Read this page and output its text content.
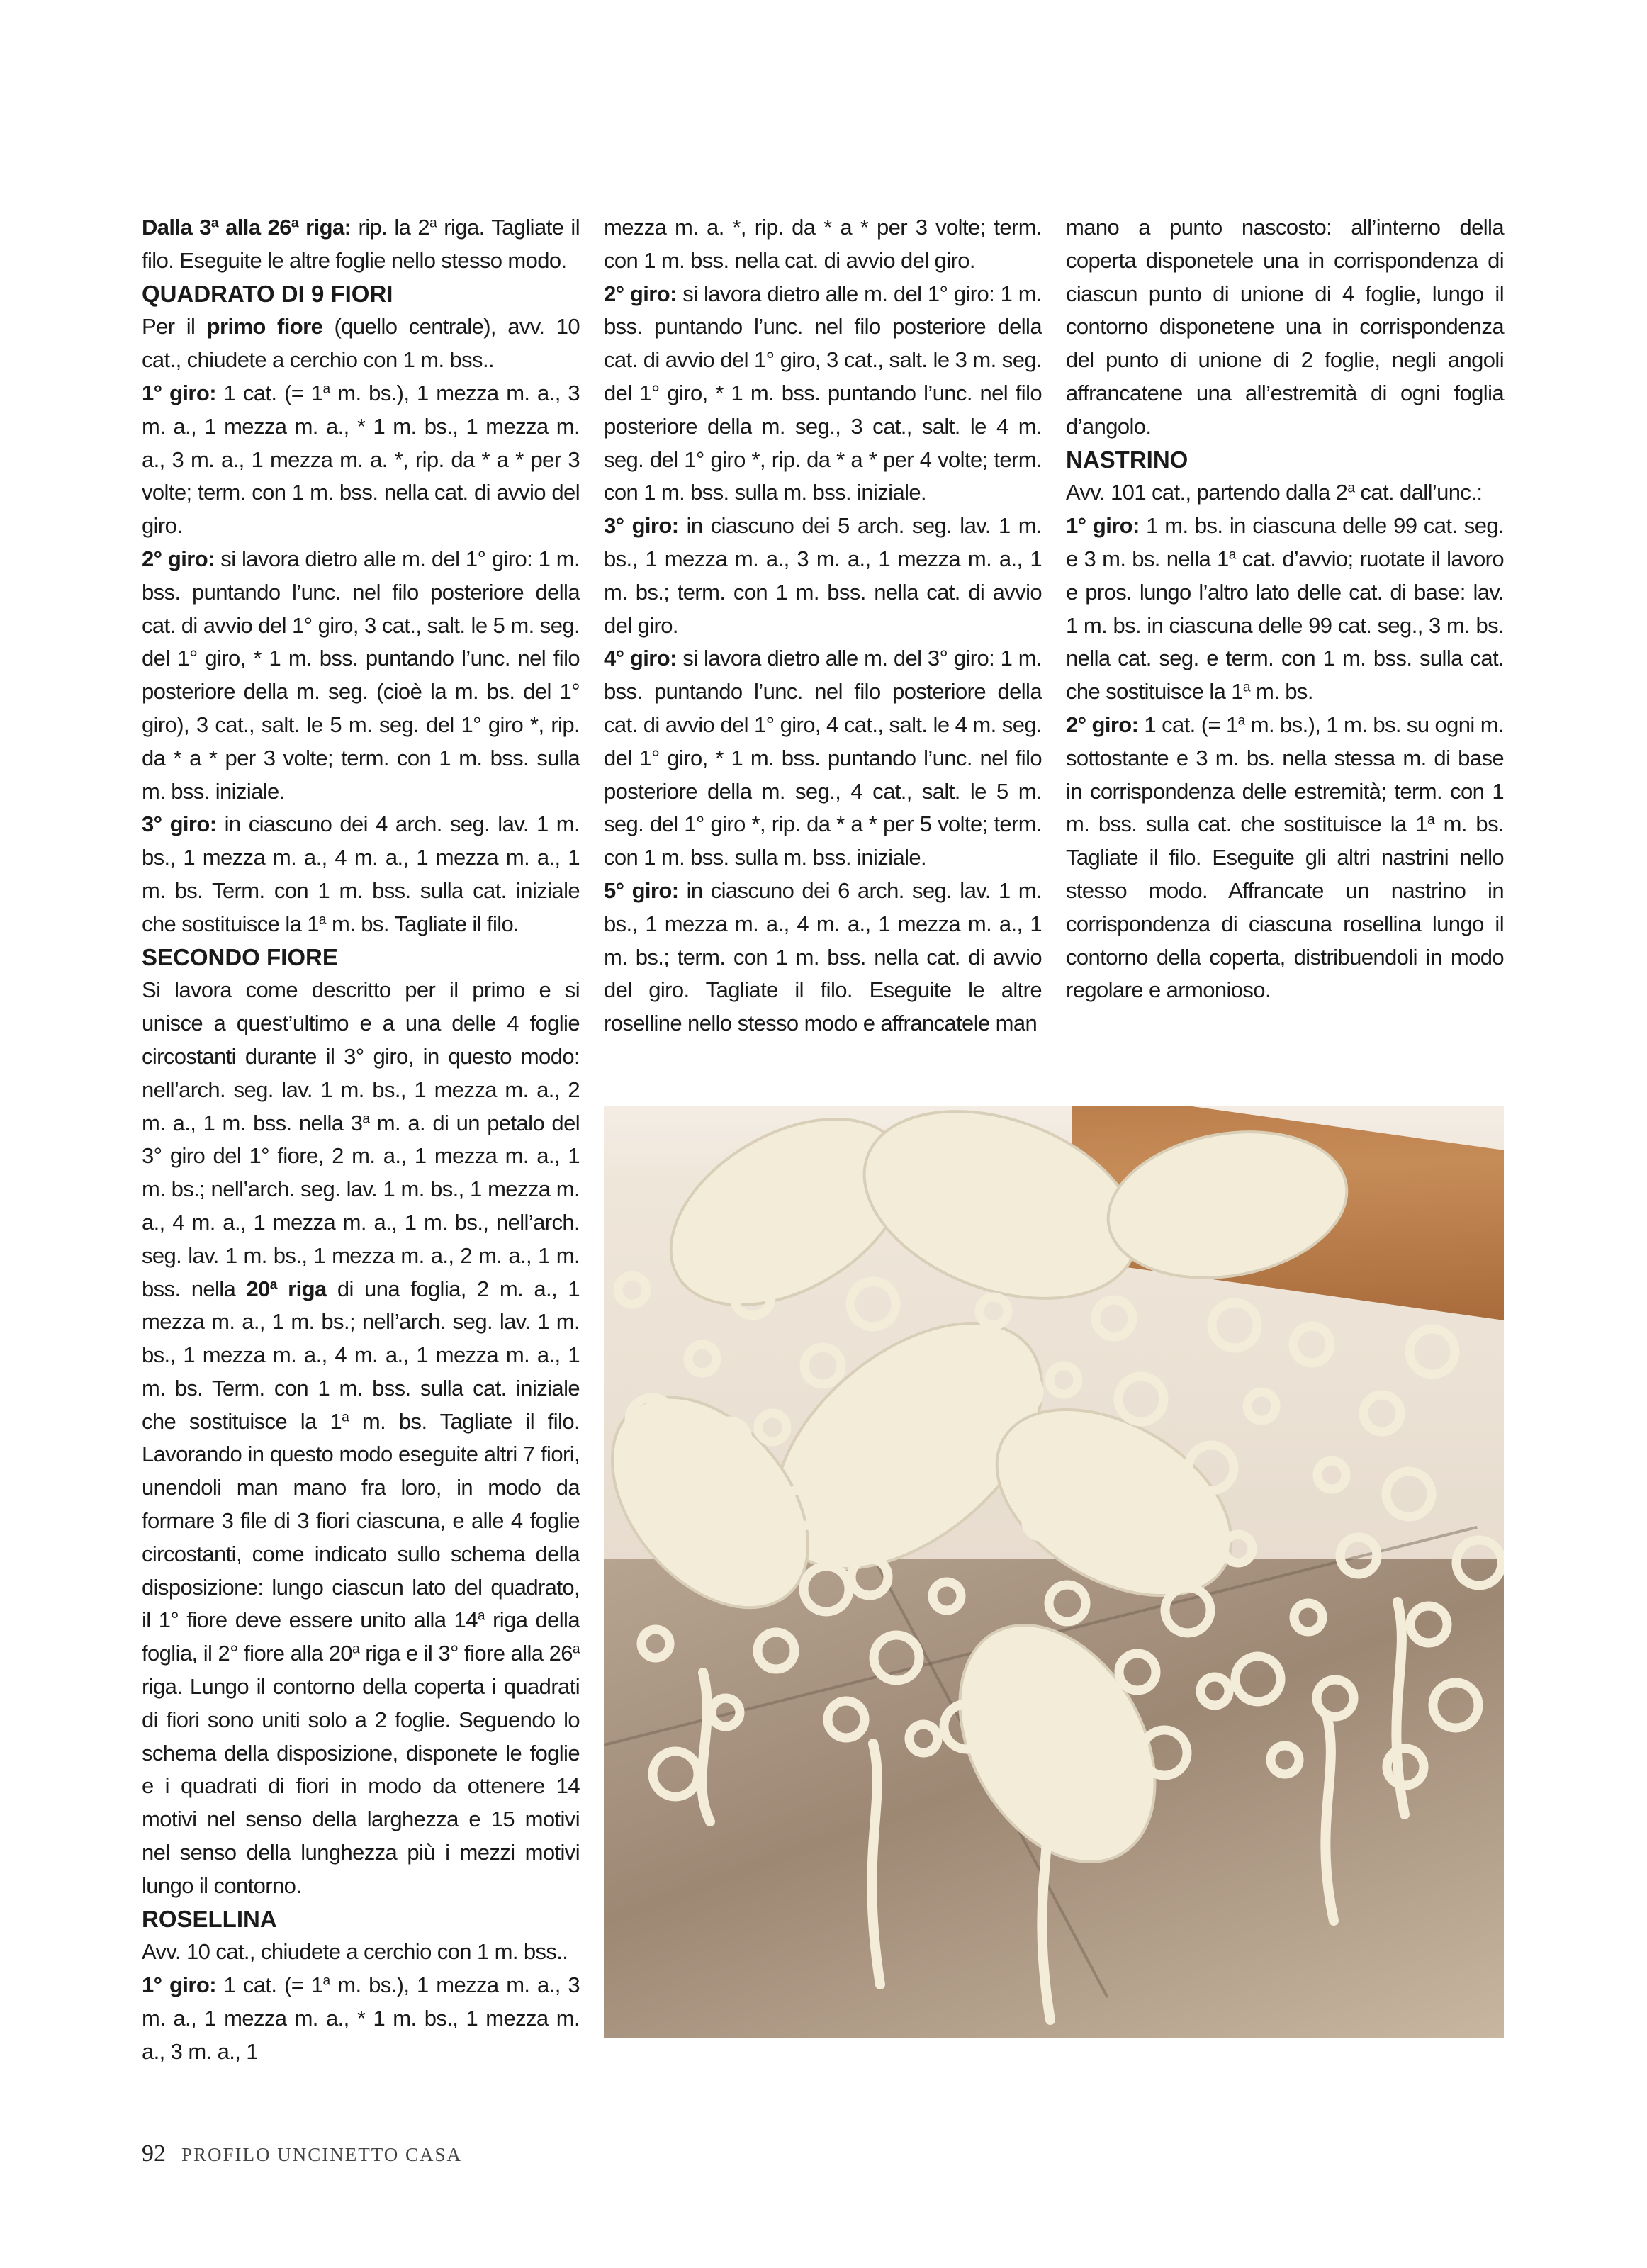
Dalla 3$^a$ alla 26$^a$ riga: rip. la 2$^a$ riga. Tagliate il filo. Eseguite le altre foglie nello stesso modo.

QUADRATO DI 9 FIORI

Per il primo fiore (quello centrale), avv. 10 cat., chiudete a cerchio con 1 m. bss..

1° giro: 1 cat. (= $1^a$ m. bs.), 1 mezza m. a., 3 m. a., 1 mezza m. a., * 1 m. bs., 1 mezza m. a., 3 m. a., 1 mezza m. a. *, rip. da * a * per 3 volte; term. con 1 m. bss. nella cat. di avvio del giro.

2° giro: si lavora dietro alle m. del 1° giro: 1 m. bss. puntando l’unc. nel filo posteriore della cat. di avvio del 1° giro, 3 cat., salt. le 5 m. seg. del 1° giro, * 1 m. bss. puntando l’unc. nel filo posteriore della m. seg. (cioè la m. bs. del 1° giro), 3 cat., salt. le 5 m. seg. del 1° giro *, rip. da * a * per 3 volte; term. con 1 m. bss. sulla m. bss. iniziale.

3° giro: in ciascuno dei 4 arch. seg. lav. 1 m. bs., 1 mezza m. a., 4 m. a., 1 mezza m. a., 1 m. bs. Term. con 1 m. bss. sulla cat. iniziale che sostituisce la 1$^a$ m. bs. Tagliate il filo.

SECONDO FIORE

Si lavora come descritto per il primo e si unisce a quest’ultimo e a una delle 4 foglie circostanti durante il 3° giro, in questo modo: nell’arch. seg. lav. 1 m. bs., 1 mezza m. a., 2 m. a., 1 m. bss. nella 3$^a$ m. a. di un petalo del 3° giro del 1° fiore, 2 m. a., 1 mezza m. a., 1 m. bs.; nell’arch. seg. lav. 1 m. bs., 1 mezza m. a., 4 m. a., 1 mezza m. a., 1 m. bs., nell’arch. seg. lav. 1 m. bs., 1 mezza m. a., 2 m. a., 1 m. bss. nella 20$^a$ riga di una foglia, 2 m. a., 1 mezza m. a., 1 m. bs.; nell’arch. seg. lav. 1 m. bs., 1 mezza m. a., 4 m. a., 1 mezza m. a., 1 m. bs. Term. con 1 m. bss. sulla cat. iniziale che sostituisce la 1$^a$ m. bs. Tagliate il filo. Lavorando in questo modo eseguite altri 7 fiori, unendoli man mano fra loro, in modo da formare 3 file di 3 fiori ciascuna, e alle 4 foglie circostanti, come indicato sullo schema della disposizione: lungo ciascun lato del quadrato, il 1° fiore deve essere unito alla 14$^a$ riga della foglia, il 2° fiore alla 20$^a$ riga e il 3° fiore alla 26$^a$ riga. Lungo il contorno della coperta i quadrati di fiori sono uniti solo a 2 foglie. Seguendo lo schema della disposizione, disponete le foglie e i quadrati di fiori in modo da ottenere 14 motivi nel senso della larghezza e 15 motivi nel senso della lunghezza più i mezzi motivi lungo il contorno.

ROSELLINA

Avv. 10 cat., chiudete a cerchio con 1 m. bss..

1° giro: 1 cat. (= $1^a$ m. bs.), 1 mezza m. a., 3 m. a., 1 mezza m. a., * 1 m. bs., 1 mezza m. a., 3 m. a., 1

mezza m. a. *, rip. da * a * per 3 volte; term. con 1 m. bss. nella cat. di avvio del giro.

2° giro: si lavora dietro alle m. del 1° giro: 1 m. bss. puntando l’unc. nel filo posteriore della cat. di avvio del 1° giro, 3 cat., salt. le 3 m. seg. del 1° giro, * 1 m. bss. puntando l’unc. nel filo posteriore della m. seg., 3 cat., salt. le 4 m. seg. del 1° giro *, rip. da * a * per 4 volte; term. con 1 m. bss. sulla m. bss. iniziale.

3° giro: in ciascuno dei 5 arch. seg. lav. 1 m. bs., 1 mezza m. a., 3 m. a., 1 mezza m. a., 1 m. bs.; term. con 1 m. bss. nella cat. di avvio del giro.

4° giro: si lavora dietro alle m. del 3° giro: 1 m. bss. puntando l’unc. nel filo posteriore della cat. di avvio del 1° giro, 4 cat., salt. le 4 m. seg. del 1° giro, * 1 m. bss. puntando l’unc. nel filo posteriore della m. seg., 4 cat., salt. le 5 m. seg. del 1° giro *, rip. da * a * per 5 volte; term. con 1 m. bss. sulla m. bss. iniziale.

5° giro: in ciascuno dei 6 arch. seg. lav. 1 m. bs., 1 mezza m. a., 4 m. a., 1 mezza m. a., 1 m. bs.; term. con 1 m. bss. nella cat. di avvio del giro. Tagliate il filo. Eseguite le altre roselline nello stesso modo e affrancatele man

mano a punto nascosto: all’interno della coperta disponetele una in corrispondenza di ciascun punto di unione di 4 foglie, lungo il contorno disponetene una in corrispondenza del punto di unione di 2 foglie, negli angoli affrancatene una all’estremità di ogni foglia d’angolo.

NASTRINO

Avv. 101 cat., partendo dalla 2$^a$ cat. dall’unc.:

1° giro: 1 m. bs. in ciascuna delle 99 cat. seg. e 3 m. bs. nella 1$^a$ cat. d’avvio; ruotate il lavoro e pros. lungo l’altro lato delle cat. di base: lav. 1 m. bs. in ciascuna delle 99 cat. seg., 3 m. bs. nella cat. seg. e term. con 1 m. bss. sulla cat. che sostituisce la 1$^a$ m. bs.

2° giro: 1 cat. (= $1^a$ m. bs.), 1 m. bs. su ogni m. sottostante e 3 m. bs. nella stessa m. di base in corrispondenza delle estremità; term. con 1 m. bss. sulla cat. che sostituisce la 1$^a$ m. bs. Tagliate il filo. Eseguite gli altri nastrini nello stesso modo. Affrancate un nastrino in corrispondenza di ciascuna rosellina lungo il contorno della coperta, distribuendoli in modo regolare e armonioso.

92 PROFILO UNCINETTO CASA
